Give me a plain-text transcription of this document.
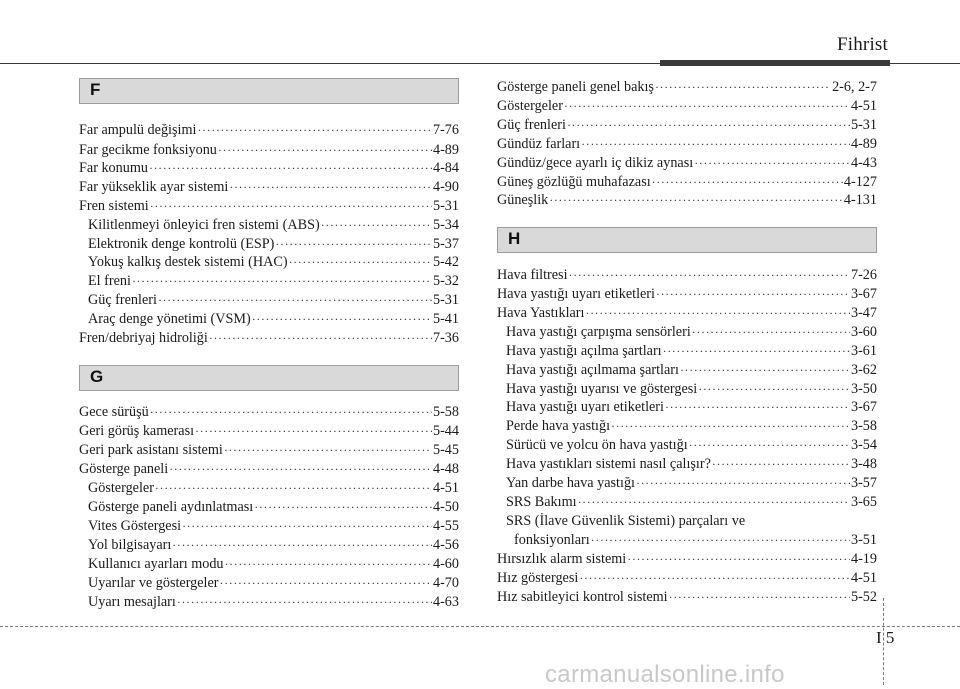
Fihrist
F
Far ampulü değişimi ·····	7-76
Far gecikme fonksiyonu ·····	4-89
Far konumu ·····	4-84
Far yükseklik ayar sistemi ·····	4-90
Fren sistemi ·····	5-31
Kilitlenmeyi önleyici fren sistemi (ABS) ·····	5-34
Elektronik denge kontrolü (ESP) ·····	5-37
Yokuş kalkış destek sistemi (HAC) ·····	5-42
El freni ·····	5-32
Güç frenleri ·····	5-31
Araç denge yönetimi (VSM) ·····	5-41
Fren/debriyaj hidroliği ·····	7-36
G
Gece sürüşü ·····	5-58
Geri görüş kamerası ·····	5-44
Geri park asistanı sistemi ·····	5-45
Gösterge paneli ·····	4-48
Göstergeler ·····	4-51
Gösterge paneli aydınlatması ·····	4-50
Vites Göstergesi ·····	4-55
Yol bilgisayarı ·····	4-56
Kullanıcı ayarları modu ·····	4-60
Uyarılar ve göstergeler ·····	4-70
Uyarı mesajları ·····	4-63
Gösterge paneli genel bakış ·····	2-6, 2-7
Göstergeler ·····	4-51
Güç frenleri ·····	5-31
Gündüz farları ·····	4-89
Gündüz/gece ayarlı iç dikiz aynası ·····	4-43
Güneş gözlüğü muhafazası ·····	4-127
Güneşlik ·····	4-131
H
Hava filtresi ·····	7-26
Hava yastığı uyarı etiketleri ·····	3-67
Hava Yastıkları ·····	3-47
Hava yastığı çarpışma sensörleri ·····	3-60
Hava yastığı açılma şartları ·····	3-61
Hava yastığı açılmama şartları ·····	3-62
Hava yastığı uyarısı ve göstergesi ·····	3-50
Hava yastığı uyarı etiketleri ·····	3-67
Perde hava yastığı ·····	3-58
Sürücü ve yolcu ön hava yastığı ·····	3-54
Hava yastıkları sistemi nasıl çalışır? ·····	3-48
Yan darbe hava yastığı ·····	3-57
SRS Bakımı ·····	3-65
SRS (İlave Güvenlik Sistemi) parçaları ve
fonksiyonları ·····	3-51
Hırsızlık alarm sistemi ·····	4-19
Hız göstergesi ·····	4-51
Hız sabitleyici kontrol sistemi ·····	5-52
I 5
carmanualsonline.info
